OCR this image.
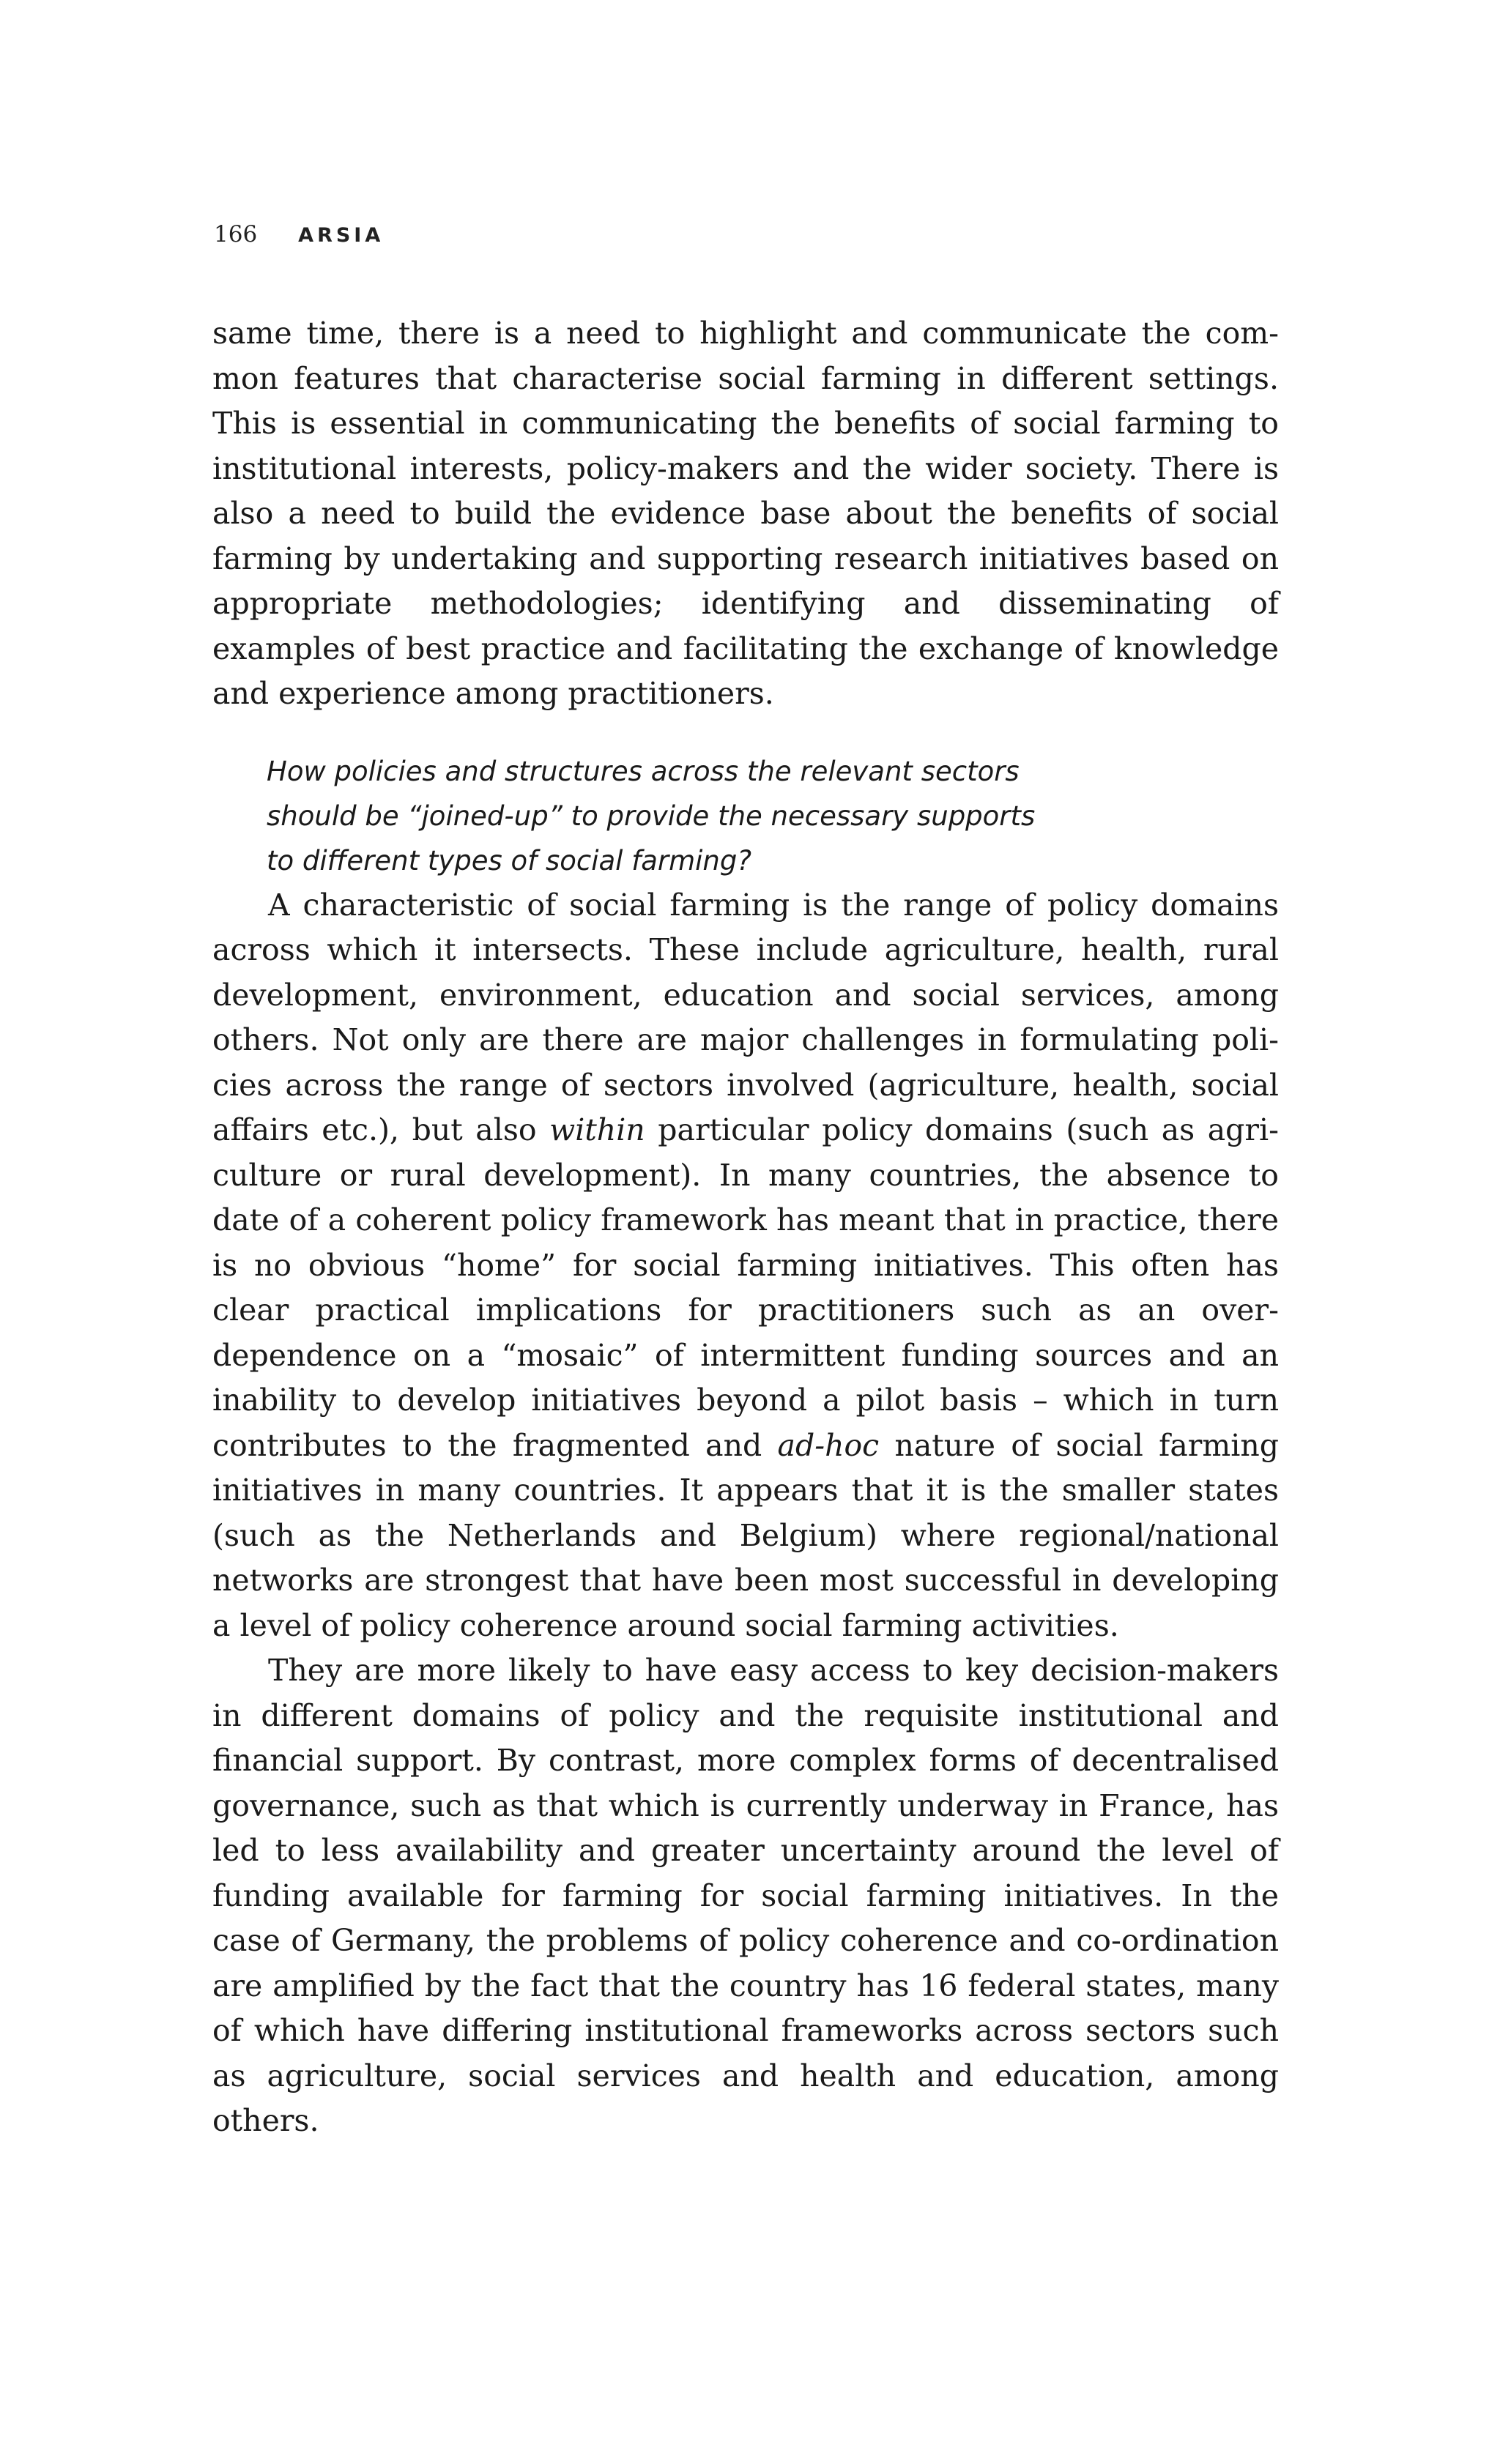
166 ARSIA

same time, there is a need to highlight and communicate the common features that characterise social farming in different settings. This is essential in communicating the benefits of social farming to institutional interests, policy-makers and the wider society. There is also a need to build the evidence base about the benefits of social farming by undertaking and supporting research initiatives based on appropriate methodologies; identifying and disseminating of examples of best practice and facilitating the exchange of knowledge and experience among practitioners.

How policies and structures across the relevant sectors
should be “joined-up” to provide the necessary supports
to different types of social farming?

A characteristic of social farming is the range of policy domains across which it intersects. These include agriculture, health, rural development, environment, education and social services, among others. Not only are there are major challenges in formulating policies across the range of sectors involved (agriculture, health, social affairs etc.), but also within particular policy domains (such as agriculture or rural development). In many countries, the absence to date of a coherent policy framework has meant that in practice, there is no obvious “home” for social farming initiatives. This often has clear practical implications for practitioners such as an over-dependence on a “mosaic” of intermittent funding sources and an inability to develop initiatives beyond a pilot basis – which in turn contributes to the fragmented and ad-hoc nature of social farming initiatives in many countries. It appears that it is the smaller states (such as the Netherlands and Belgium) where regional/national networks are strongest that have been most successful in developing a level of policy coherence around social farming activities.

They are more likely to have easy access to key decision-makers in different domains of policy and the requisite institutional and financial support. By contrast, more complex forms of decentralised governance, such as that which is currently underway in France, has led to less availability and greater uncertainty around the level of funding available for farming for social farming initiatives. In the case of Germany, the problems of policy coherence and co-ordination are amplified by the fact that the country has 16 federal states, many of which have differing institutional frameworks across sectors such as agriculture, social services and health and education, among others.
